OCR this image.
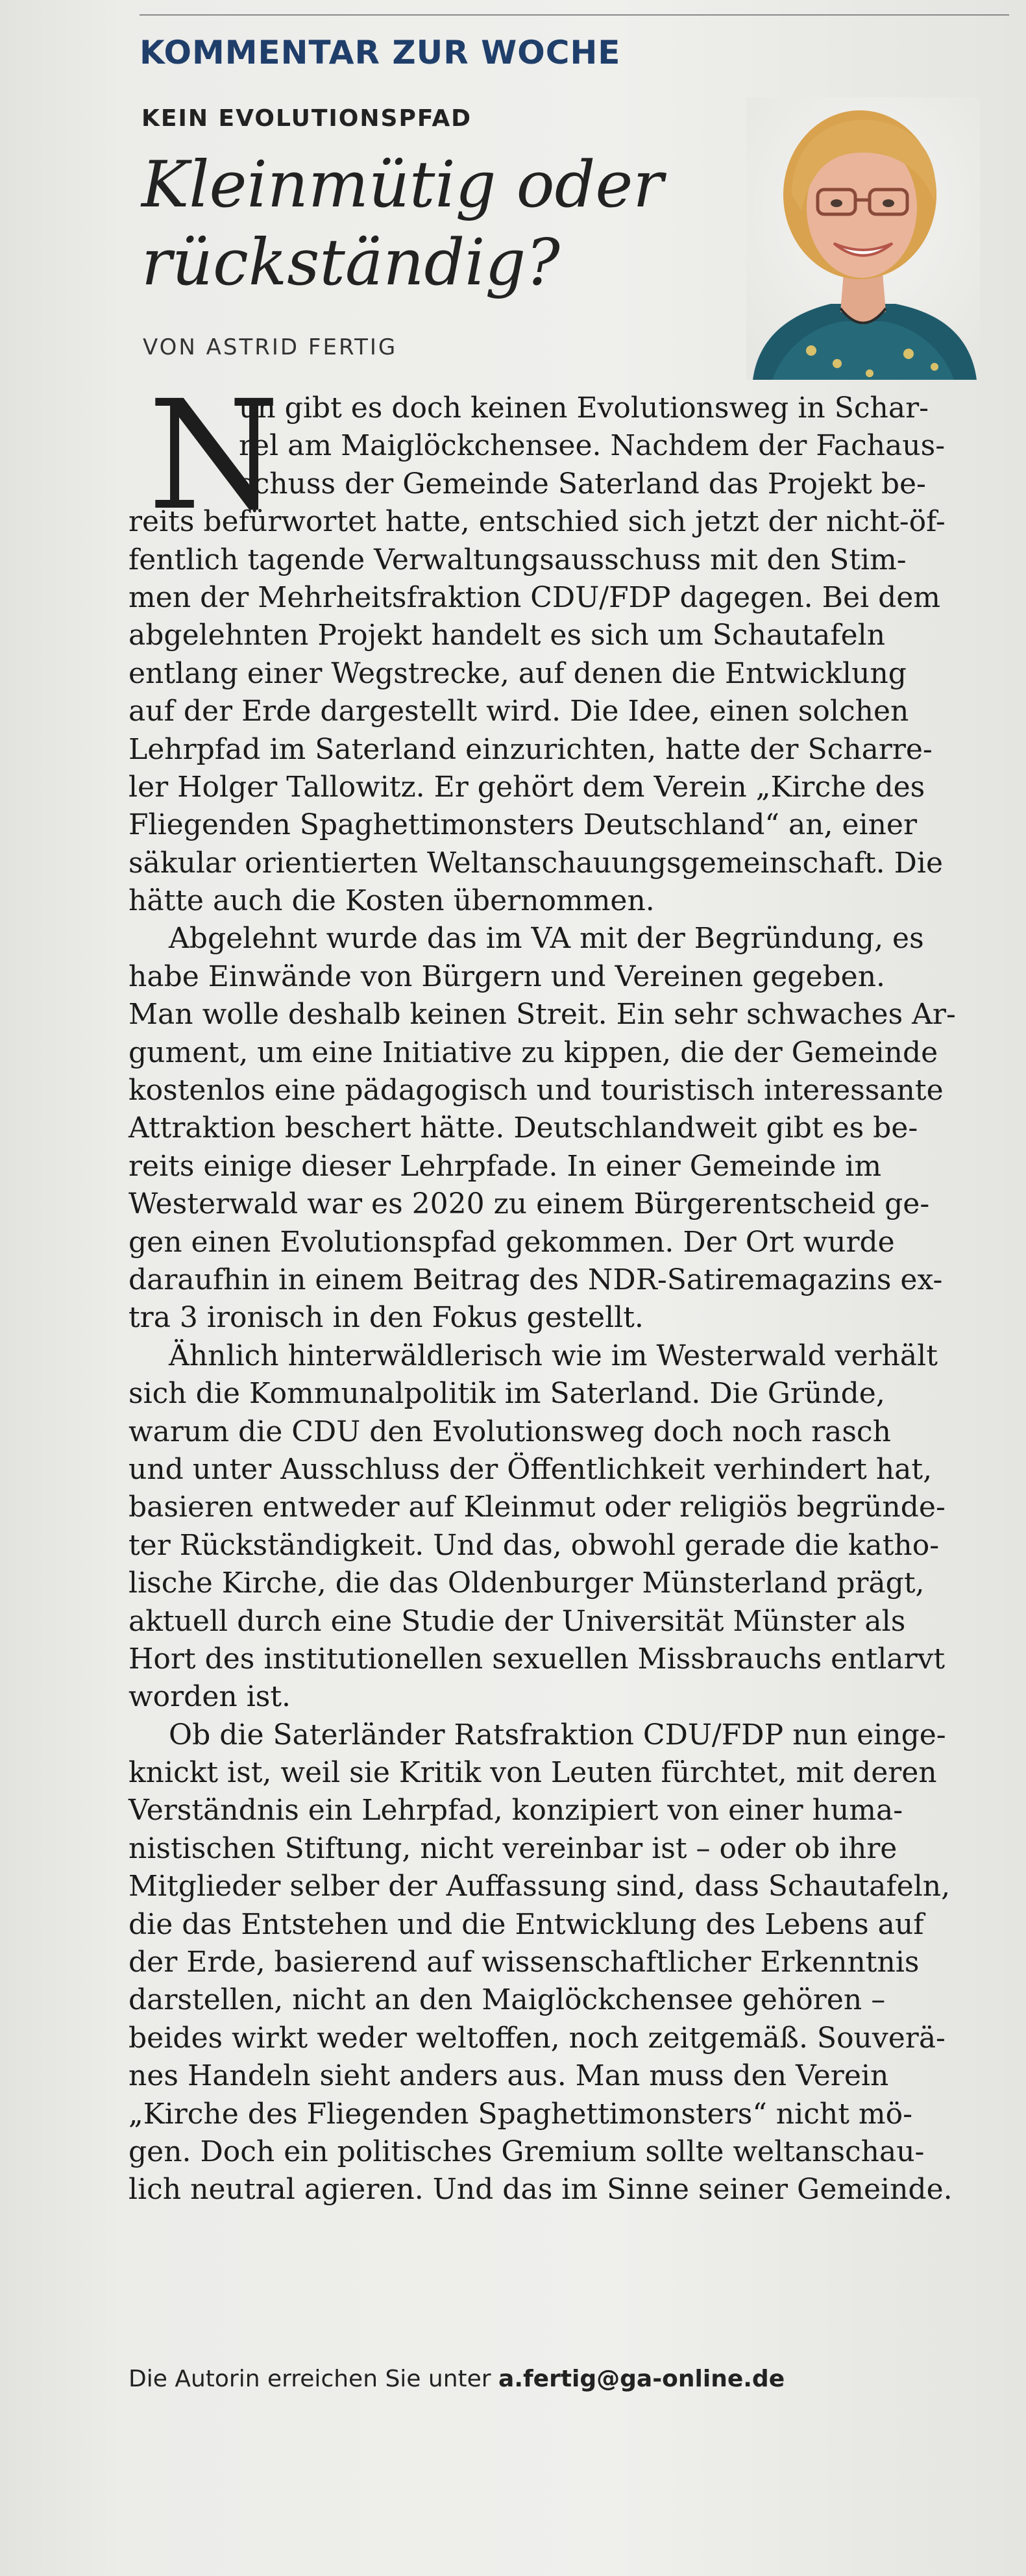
KOMMENTAR ZUR WOCHE
KEIN EVOLUTIONSPFAD
Kleinmütig oder
rückständig?
VON ASTRID FERTIG
N
un gibt es doch keinen Evolutionsweg in Schar-
rel am Maiglöckchensee. Nachdem der Fachaus-
schuss der Gemeinde Saterland das Projekt be-
reits befürwortet hatte, entschied sich jetzt der nicht-öf-
fentlich tagende Verwaltungsausschuss mit den Stim-
men der Mehrheitsfraktion CDU/FDP dagegen. Bei dem
abgelehnten Projekt handelt es sich um Schautafeln
entlang einer Wegstrecke, auf denen die Entwicklung
auf der Erde dargestellt wird. Die Idee, einen solchen
Lehrpfad im Saterland einzurichten, hatte der Scharre-
ler Holger Tallowitz. Er gehört dem Verein „Kirche des
Fliegenden Spaghettimonsters Deutschland“ an, einer
säkular orientierten Weltanschauungsgemeinschaft. Die
hätte auch die Kosten übernommen.
Abgelehnt wurde das im VA mit der Begründung, es
habe Einwände von Bürgern und Vereinen gegeben.
Man wolle deshalb keinen Streit. Ein sehr schwaches Ar-
gument, um eine Initiative zu kippen, die der Gemeinde
kostenlos eine pädagogisch und touristisch interessante
Attraktion beschert hätte. Deutschlandweit gibt es be-
reits einige dieser Lehrpfade. In einer Gemeinde im
Westerwald war es 2020 zu einem Bürgerentscheid ge-
gen einen Evolutionspfad gekommen. Der Ort wurde
daraufhin in einem Beitrag des NDR-Satiremagazins ex-
tra 3 ironisch in den Fokus gestellt.
Ähnlich hinterwäldlerisch wie im Westerwald verhält
sich die Kommunalpolitik im Saterland. Die Gründe,
warum die CDU den Evolutionsweg doch noch rasch
und unter Ausschluss der Öffentlichkeit verhindert hat,
basieren entweder auf Kleinmut oder religiös begründe-
ter Rückständigkeit. Und das, obwohl gerade die katho-
lische Kirche, die das Oldenburger Münsterland prägt,
aktuell durch eine Studie der Universität Münster als
Hort des institutionellen sexuellen Missbrauchs entlarvt
worden ist.
Ob die Saterländer Ratsfraktion CDU/FDP nun einge-
knickt ist, weil sie Kritik von Leuten fürchtet, mit deren
Verständnis ein Lehrpfad, konzipiert von einer huma-
nistischen Stiftung, nicht vereinbar ist – oder ob ihre
Mitglieder selber der Auffassung sind, dass Schautafeln,
die das Entstehen und die Entwicklung des Lebens auf
der Erde, basierend auf wissenschaftlicher Erkenntnis
darstellen, nicht an den Maiglöckchensee gehören –
beides wirkt weder weltoffen, noch zeitgemäß. Souverä-
nes Handeln sieht anders aus. Man muss den Verein
„Kirche des Fliegenden Spaghettimonsters“ nicht mö-
gen. Doch ein politisches Gremium sollte weltanschau-
lich neutral agieren. Und das im Sinne seiner Gemeinde.
Die Autorin erreichen Sie unter a.fertig@ga-online.de
